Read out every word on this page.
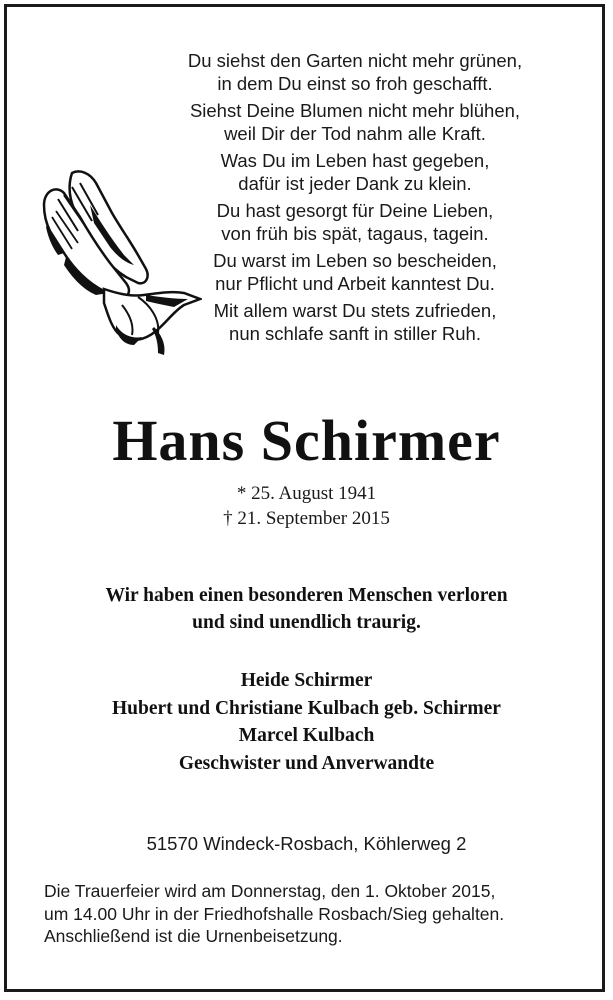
Du siehst den Garten nicht mehr grünen,
in dem Du einst so froh geschafft.
Siehst Deine Blumen nicht mehr blühen,
weil Dir der Tod nahm alle Kraft.
Was Du im Leben hast gegeben,
dafür ist jeder Dank zu klein.
Du hast gesorgt für Deine Lieben,
von früh bis spät, tagaus, tagein.
Du warst im Leben so bescheiden,
nur Pflicht und Arbeit kanntest Du.
Mit allem warst Du stets zufrieden,
nun schlafe sanft in stiller Ruh.
Hans Schirmer
* 25. August 1941
† 21. September 2015
Wir haben einen besonderen Menschen verloren
und sind unendlich traurig.
Heide Schirmer
Hubert und Christiane Kulbach geb. Schirmer
Marcel Kulbach
Geschwister und Anverwandte
51570 Windeck-Rosbach, Köhlerweg 2
Die Trauerfeier wird am Donnerstag, den 1. Oktober 2015,
um 14.00 Uhr in der Friedhofshalle Rosbach/Sieg gehalten.
Anschließend ist die Urnenbeisetzung.
